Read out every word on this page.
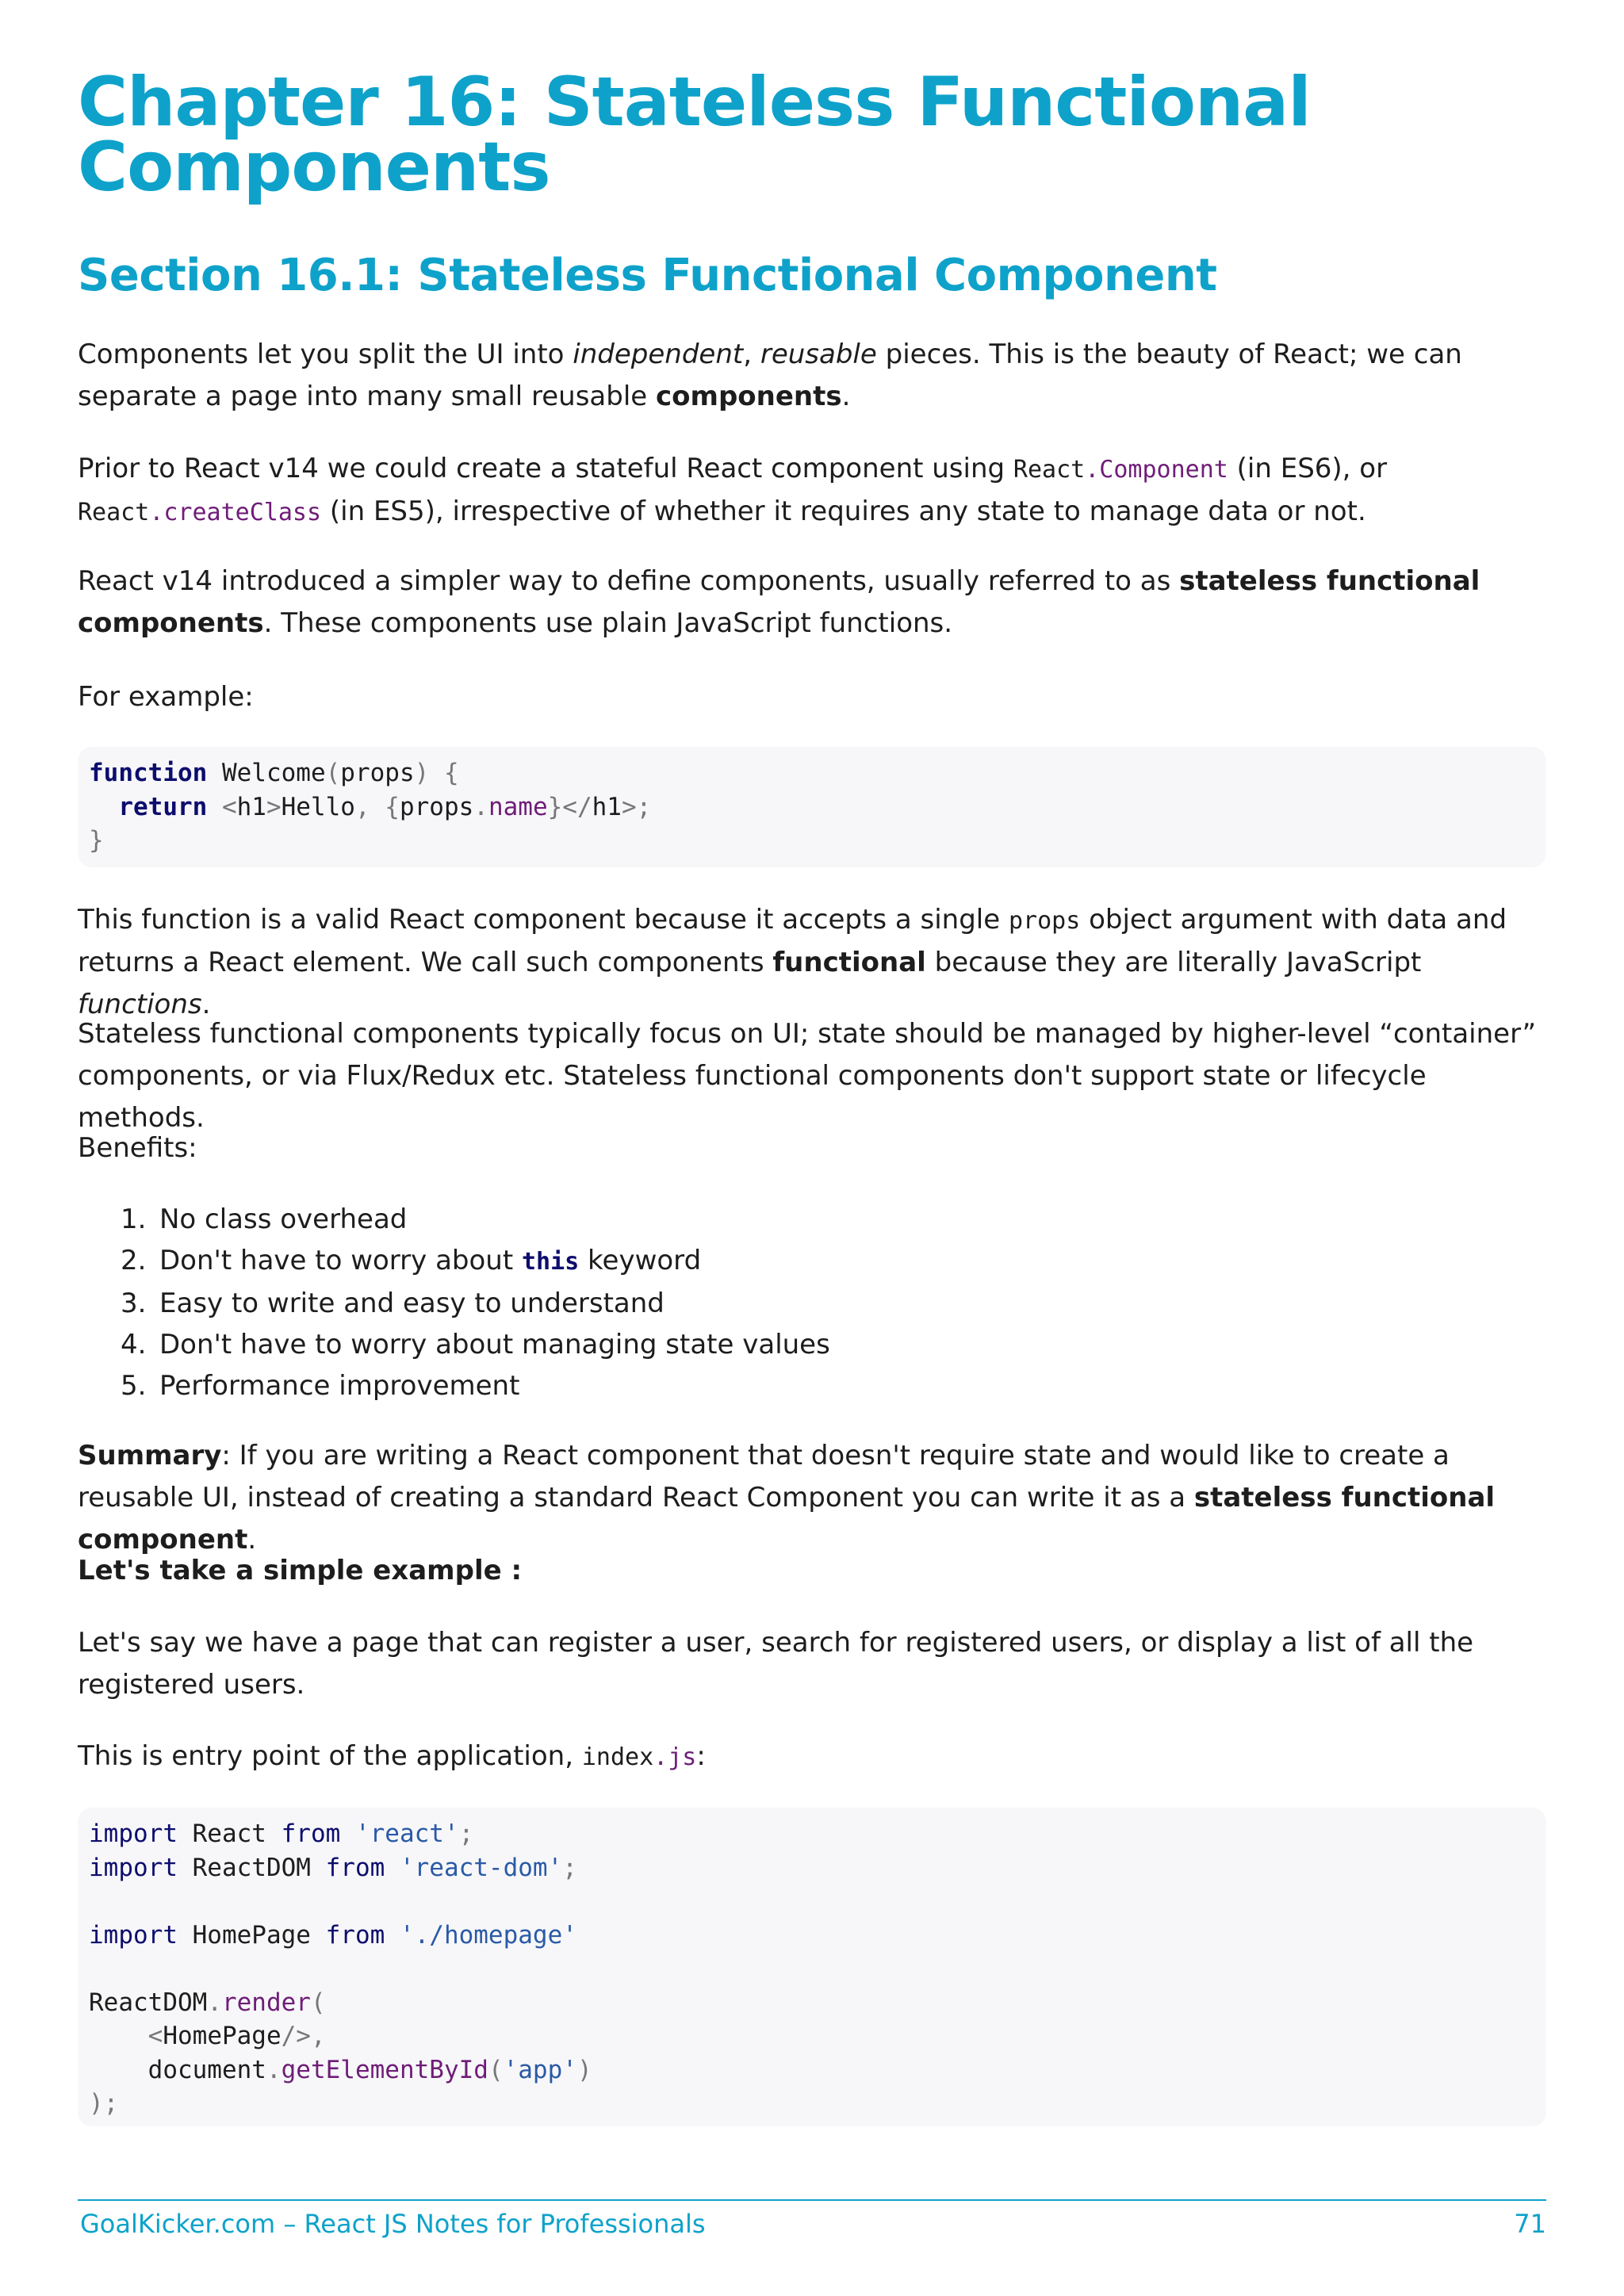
Chapter 16: Stateless Functional Components
Section 16.1: Stateless Functional Component

Components let you split the UI into independent, reusable pieces. This is the beauty of React; we can separate a page into many small reusable components.

Prior to React v14 we could create a stateful React component using React.Component (in ES6), or React.createClass (in ES5), irrespective of whether it requires any state to manage data or not.

React v14 introduced a simpler way to define components, usually referred to as stateless functional components. These components use plain JavaScript functions.

For example:

function Welcome(props) {
return <h1>Hello, {props.name}</h1>;
}

This function is a valid React component because it accepts a single props object argument with data and returns a React element. We call such components functional because they are literally JavaScript functions.

Stateless functional components typically focus on UI; state should be managed by higher-level “container” components, or via Flux/Redux etc. Stateless functional components don't support state or lifecycle methods.

Benefits:

1. No class overhead
2. Don't have to worry about this keyword
3. Easy to write and easy to understand
4. Don't have to worry about managing state values
5. Performance improvement

Summary: If you are writing a React component that doesn't require state and would like to create a reusable UI, instead of creating a standard React Component you can write it as a stateless functional component.

Let's take a simple example :

Let's say we have a page that can register a user, search for registered users, or display a list of all the registered users.

This is entry point of the application, index.js:

import React from 'react';
import ReactDOM from 'react-dom';
import HomePage from './homepage'
ReactDOM.render(
<HomePage/>,
document.getElementById('app')
);
GoalKicker.com – React JS Notes for Professionals	71
